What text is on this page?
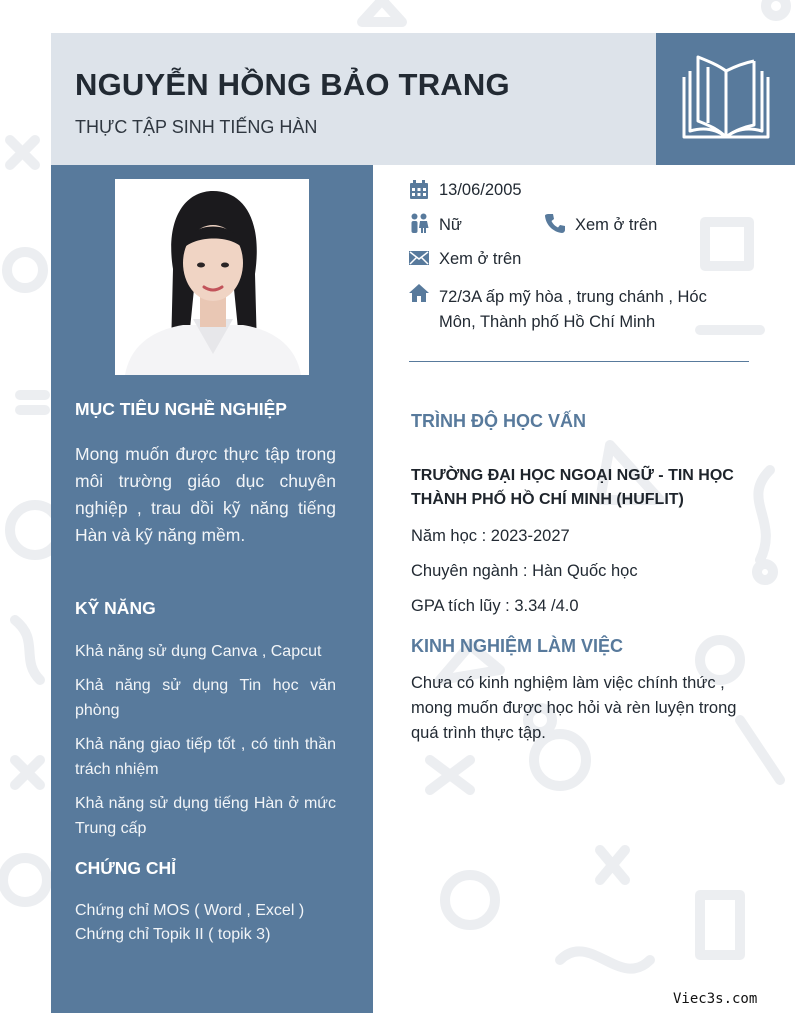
NGUYỄN HỒNG BẢO TRANG
THỰC TẬP SINH TIẾNG HÀN
MỤC TIÊU NGHỀ NGHIỆP
Mong muốn được thực tập trong môi trường giáo dục chuyên nghiệp , trau dồi kỹ năng tiếng Hàn và kỹ năng mềm.
KỸ NĂNG
Khả năng sử dụng Canva , Capcut
Khả năng sử dụng Tin học văn phòng
Khả năng giao tiếp tốt , có tinh thần trách nhiệm
Khả năng sử dụng tiếng Hàn ở mức Trung cấp
CHỨNG CHỈ
Chứng chỉ MOS ( Word , Excel )
Chứng chỉ Topik II ( topik 3)
13/06/2005
Nữ	Xem ở trên
Xem ở trên
72/3A ấp mỹ hòa , trung chánh , Hóc Môn, Thành phố Hồ Chí Minh
TRÌNH ĐỘ HỌC VẤN
TRƯỜNG ĐẠI HỌC NGOẠI NGỮ - TIN HỌC THÀNH PHỐ HỒ CHÍ MINH (HUFLIT)
Năm học : 2023-2027
Chuyên ngành : Hàn Quốc học
GPA tích lũy : 3.34 /4.0
KINH NGHIỆM LÀM VIỆC
Chưa có kinh nghiệm làm việc chính thức , mong muốn được học hỏi và rèn luyện trong quá trình thực tập.
Viec3s.com
